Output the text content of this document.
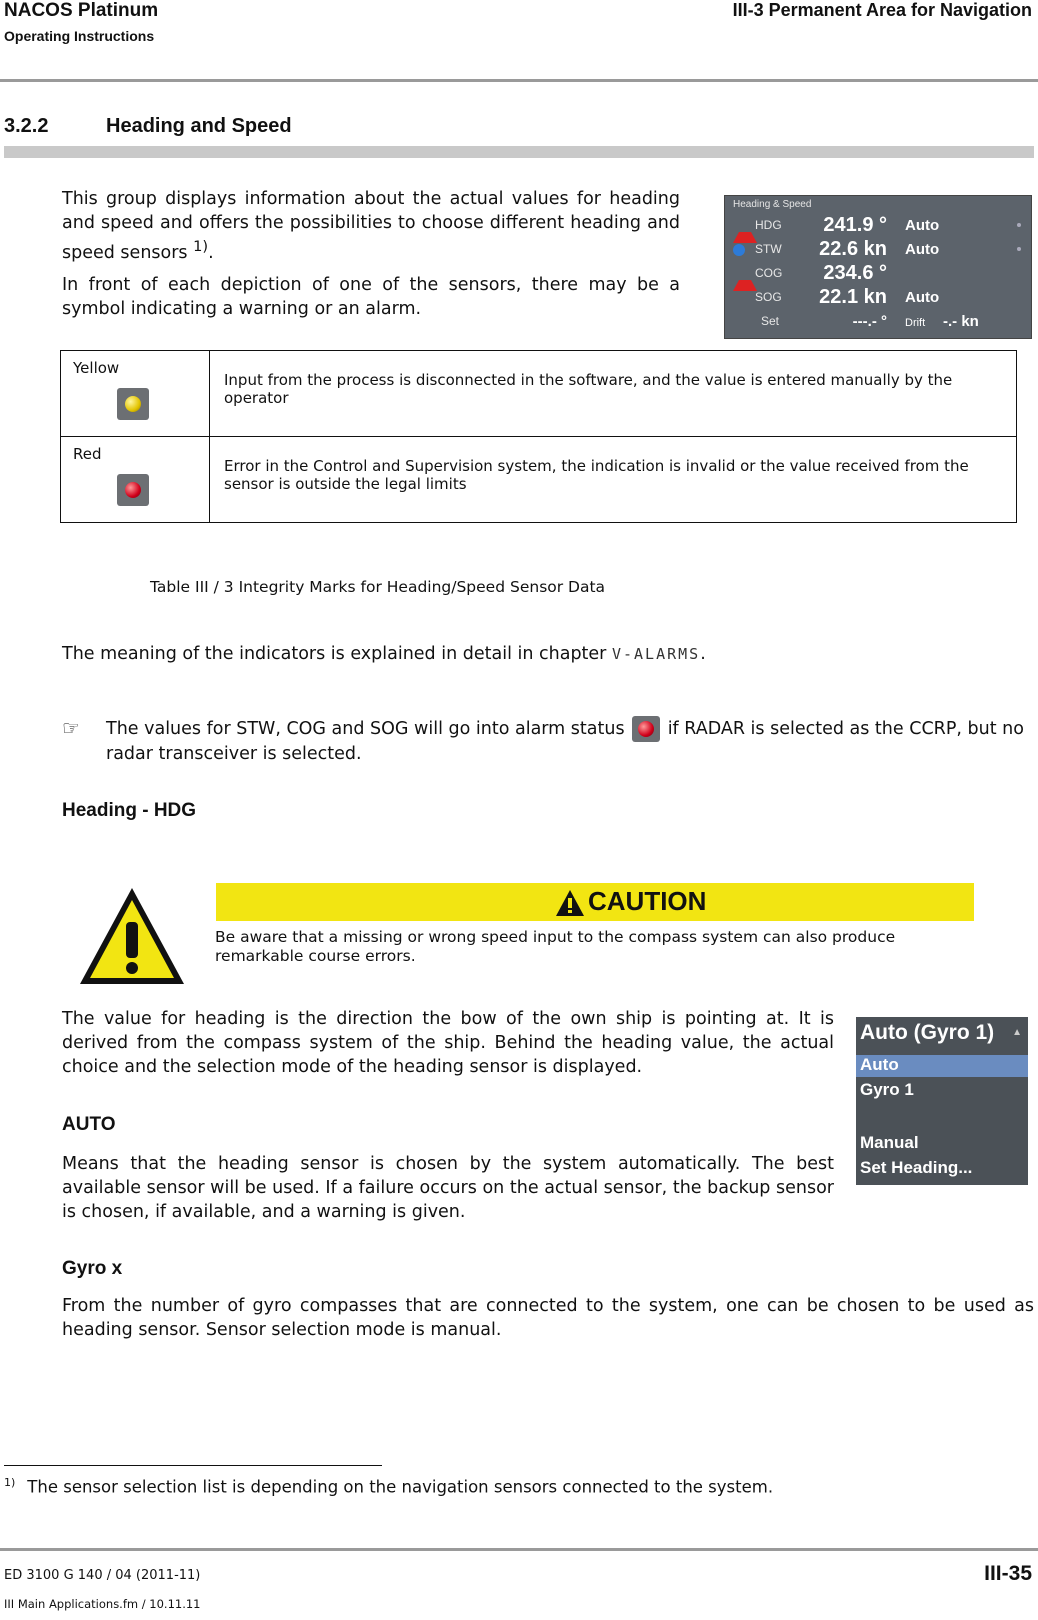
NACOS Platinum
Operating Instructions
III-3 Permanent Area for Navigation
3.2.2	Heading and Speed
This group displays information about the actual values for heading and speed and offers the possibilities to choose different heading and speed sensors $^{1)}$.
In front of each depiction of one of the sensors, there may be a symbol indicating a warning or an alarm.
Heading & Speed
HDG 241.9 ° Auto
STW 22.6 kn Auto
COG 234.6 °
SOG 22.1 kn Auto
Set	---.- ° Drift -.- kn
Yellow	Input from the process is disconnected in the software, and the value is entered manually by the operator

Red	Error in the Control and Supervision system, the indication is invalid or the value received from the sensor is outside the legal limits
Table III / 3 Integrity Marks for Heading/Speed Sensor Data
The meaning of the indicators is explained in detail in chapter V-ALARMS.
☞ The values for STW, COG and SOG will go into alarm status
if RADAR is selected as the CCRP, but no radar transceiver is selected.
Heading - HDG
CAUTION
Be aware that a missing or wrong speed input to the compass system can also produce remarkable course errors.
The value for heading is the direction the bow of the own ship is pointing at. It is derived from the compass system of the ship. Behind the heading value, the actual choice and the selection mode of the heading sensor is displayed.
Auto (Gyro 1) ▲
Auto
Gyro 1
Manual
Set Heading...
AUTO
Means that the heading sensor is chosen by the system automatically. The best available sensor will be used. If a failure occurs on the actual sensor, the backup sensor is chosen, if available, and a warning is given.
Gyro x
From the number of gyro compasses that are connected to the system, one can be chosen to be used as heading sensor. Sensor selection mode is manual.
$^{1)}$ The sensor selection list is depending on the navigation sensors connected to the system.
ED 3100 G 140 / 04 (2011-11)
III Main Applications.fm / 10.11.11
III-35
